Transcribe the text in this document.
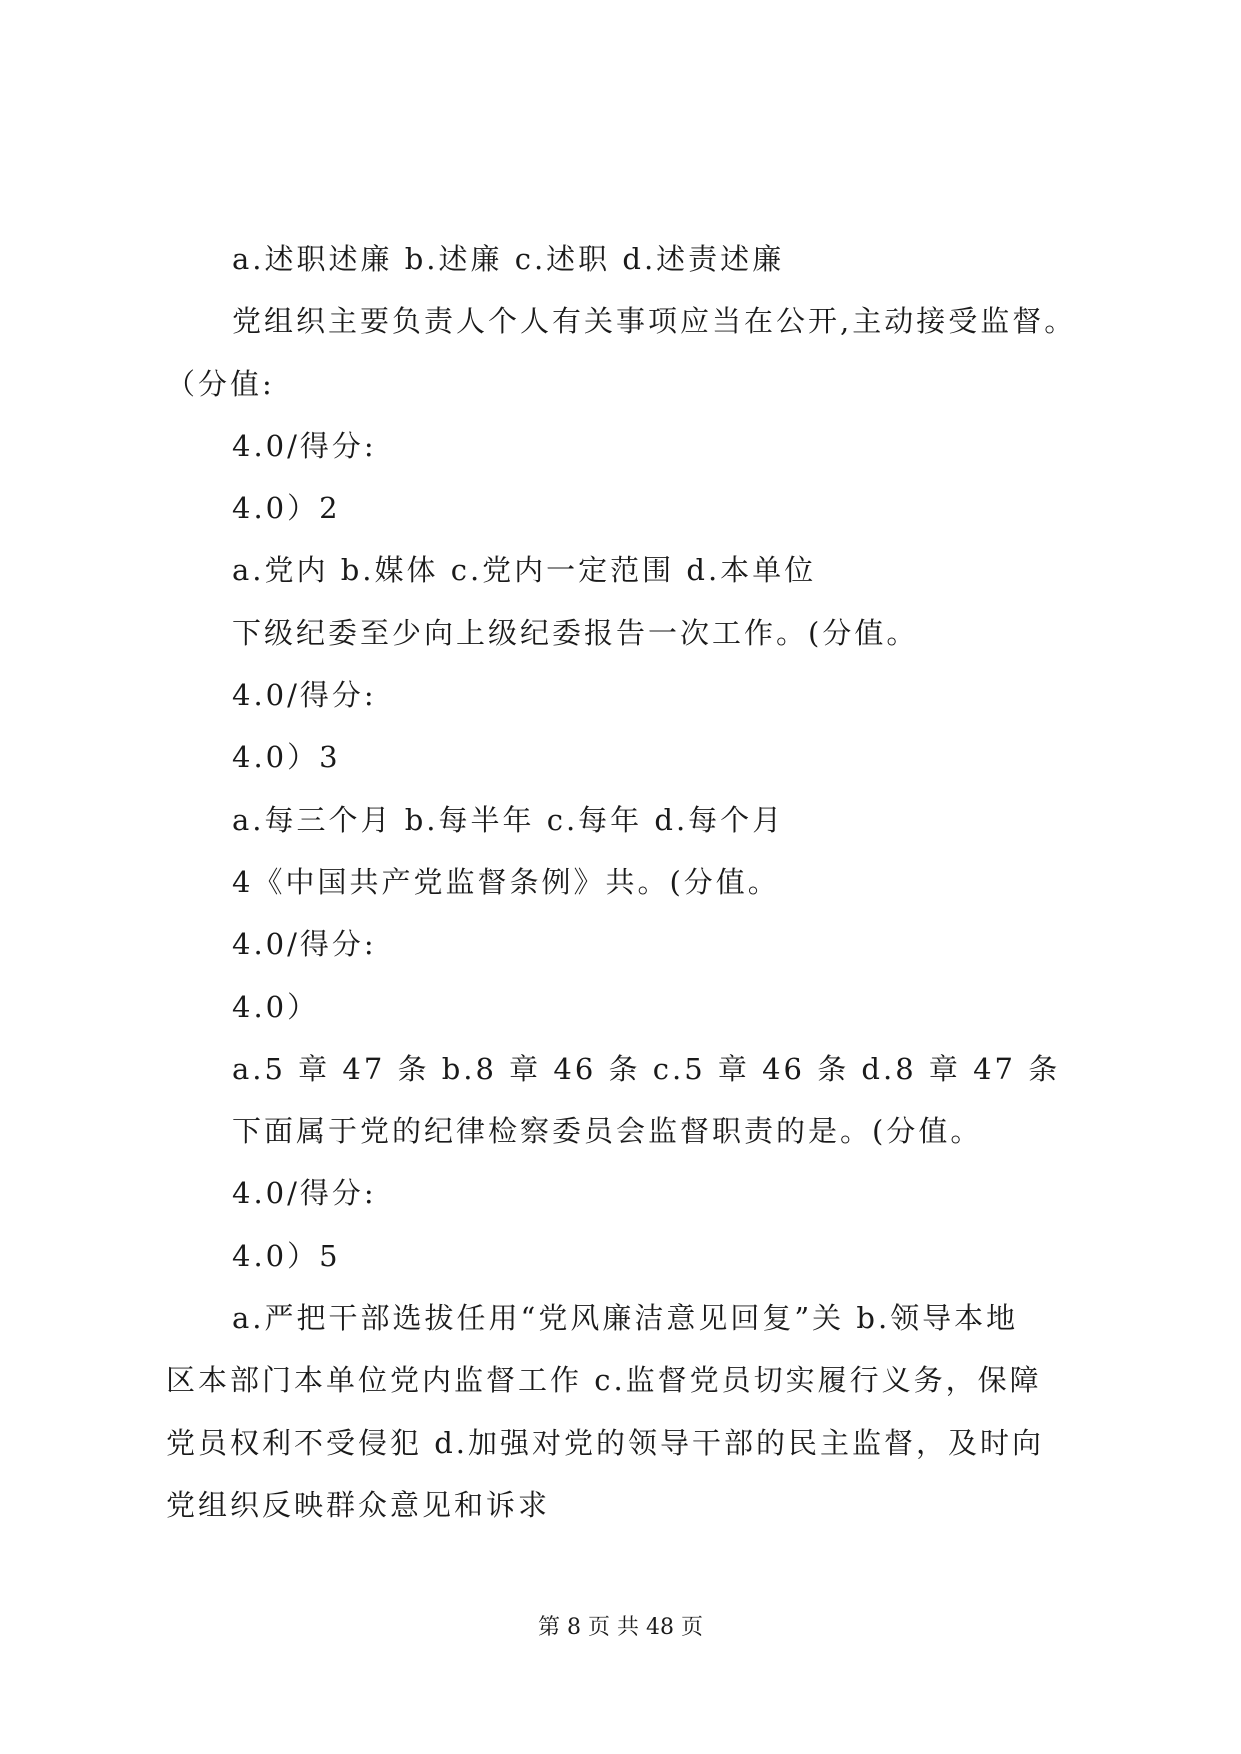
a.述职述廉 b.述廉 c.述职 d.述责述廉
党组织主要负责人个人有关事项应当在公开,主动接受监督。
（分值:
4.0/得分:
4.0）2
a.党内 b.媒体 c.党内一定范围 d.本单位
下级纪委至少向上级纪委报告一次工作。(分值。
4.0/得分:
4.0）3
a.每三个月 b.每半年 c.每年 d.每个月
4《中国共产党监督条例》共。(分值。
4.0/得分:
4.0）
a.5 章 47 条 b.8 章 46 条 c.5 章 46 条 d.8 章 47 条
下面属于党的纪律检察委员会监督职责的是。(分值。
4.0/得分:
4.0）5
a.严把干部选拔任用“党风廉洁意见回复”关 b.领导本地
区本部门本单位党内监督工作 c.监督党员切实履行义务，保障
党员权利不受侵犯 d.加强对党的领导干部的民主监督，及时向
党组织反映群众意见和诉求
第 8 页 共 48 页
